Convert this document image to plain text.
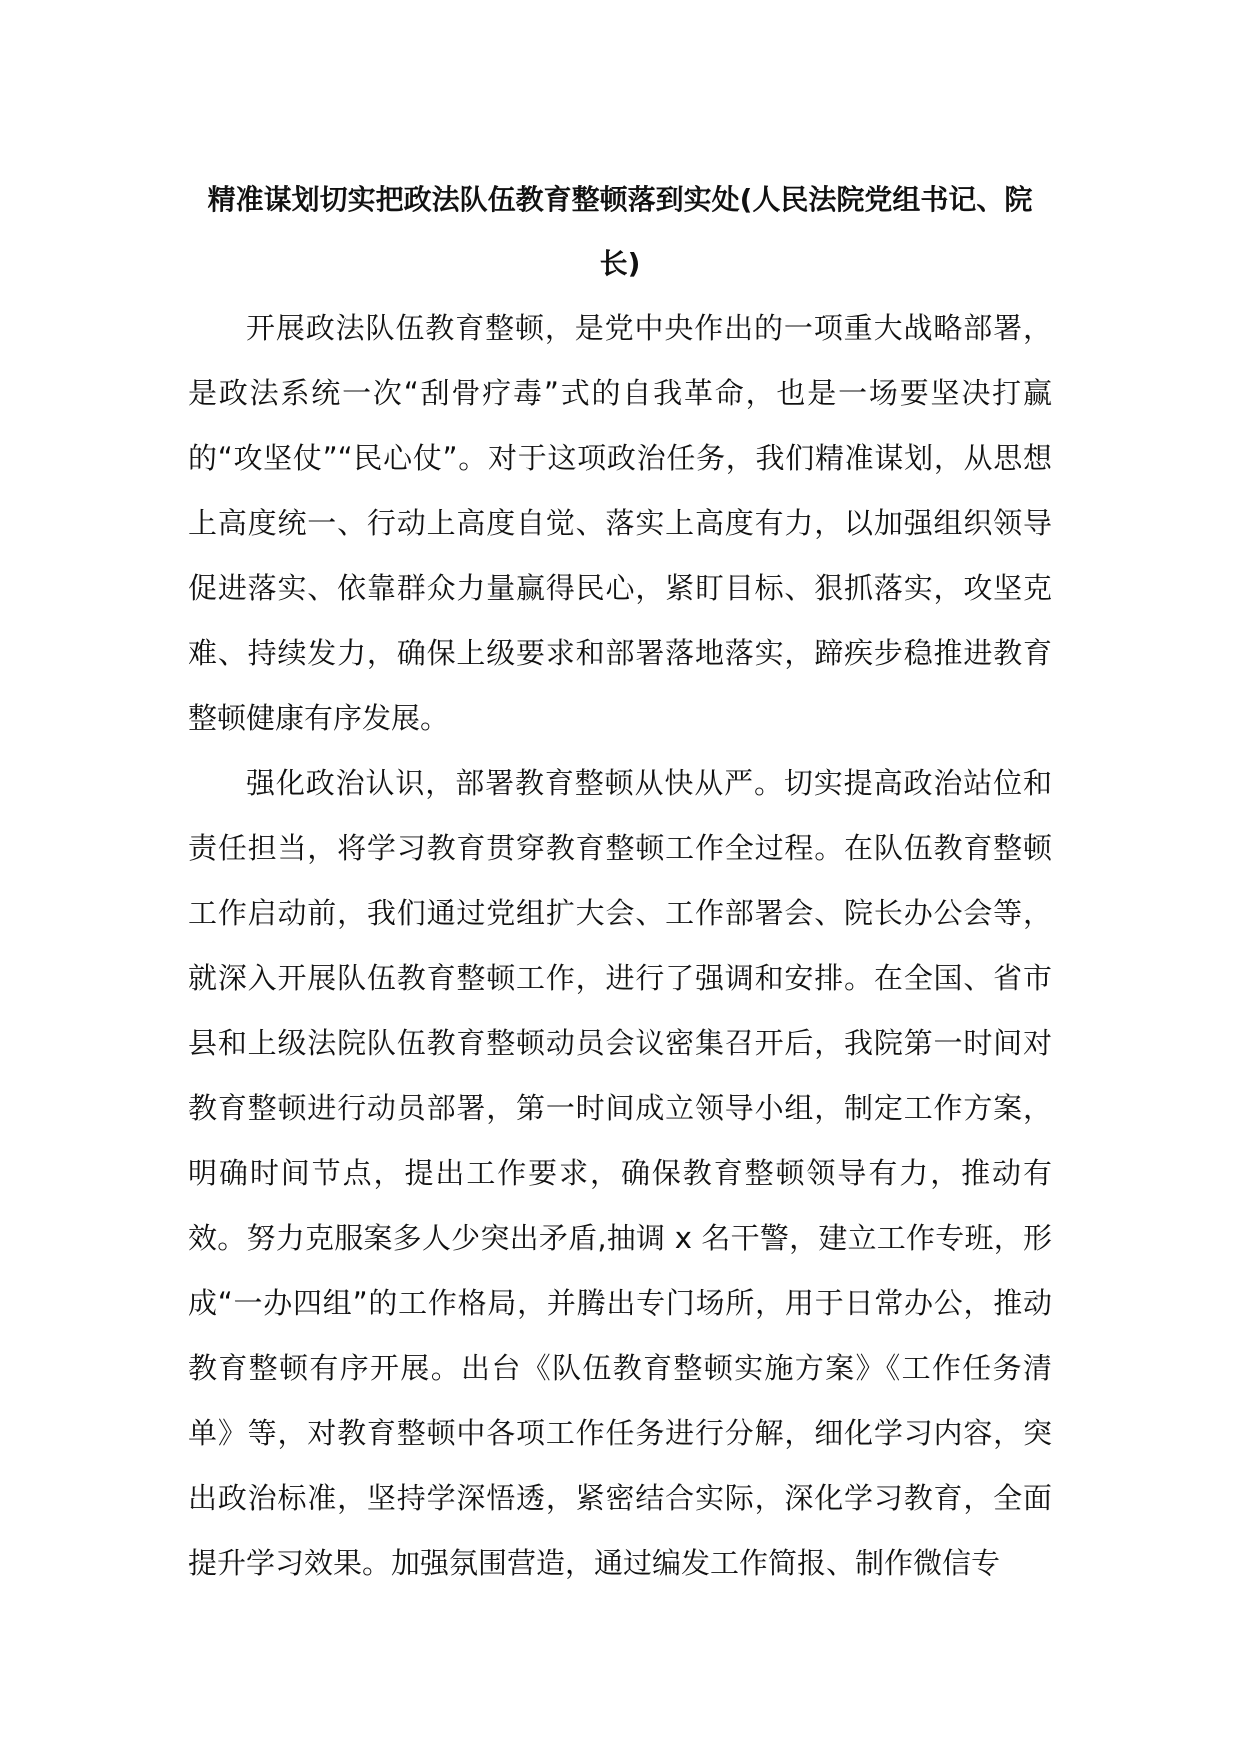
精准谋划切实把政法队伍教育整顿落到实处(人民法院党组书记、院长)

开展政法队伍教育整顿，是党中央作出的一项重大战略部署，是政法系统一次“刮骨疗毒”式的自我革命，也是一场要坚决打赢的“攻坚仗”“民心仗”。对于这项政治任务，我们精准谋划，从思想上高度统一、行动上高度自觉、落实上高度有力，以加强组织领导促进落实、依靠群众力量赢得民心，紧盯目标、狠抓落实，攻坚克难、持续发力，确保上级要求和部署落地落实，蹄疾步稳推进教育整顿健康有序发展。

强化政治认识，部署教育整顿从快从严。切实提高政治站位和责任担当，将学习教育贯穿教育整顿工作全过程。在队伍教育整顿工作启动前，我们通过党组扩大会、工作部署会、院长办公会等，就深入开展队伍教育整顿工作，进行了强调和安排。在全国、省市县和上级法院队伍教育整顿动员会议密集召开后，我院第一时间对教育整顿进行动员部署，第一时间成立领导小组，制定工作方案，明确时间节点，提出工作要求，确保教育整顿领导有力，推动有效。努力克服案多人少突出矛盾,抽调 x 名干警，建立工作专班，形成“一办四组”的工作格局，并腾出专门场所，用于日常办公，推动教育整顿有序开展。出台《队伍教育整顿实施方案》《工作任务清单》等，对教育整顿中各项工作任务进行分解，细化学习内容，突出政治标准，坚持学深悟透，紧密结合实际，深化学习教育，全面提升学习效果。加强氛围营造，通过编发工作简报、制作微信专
